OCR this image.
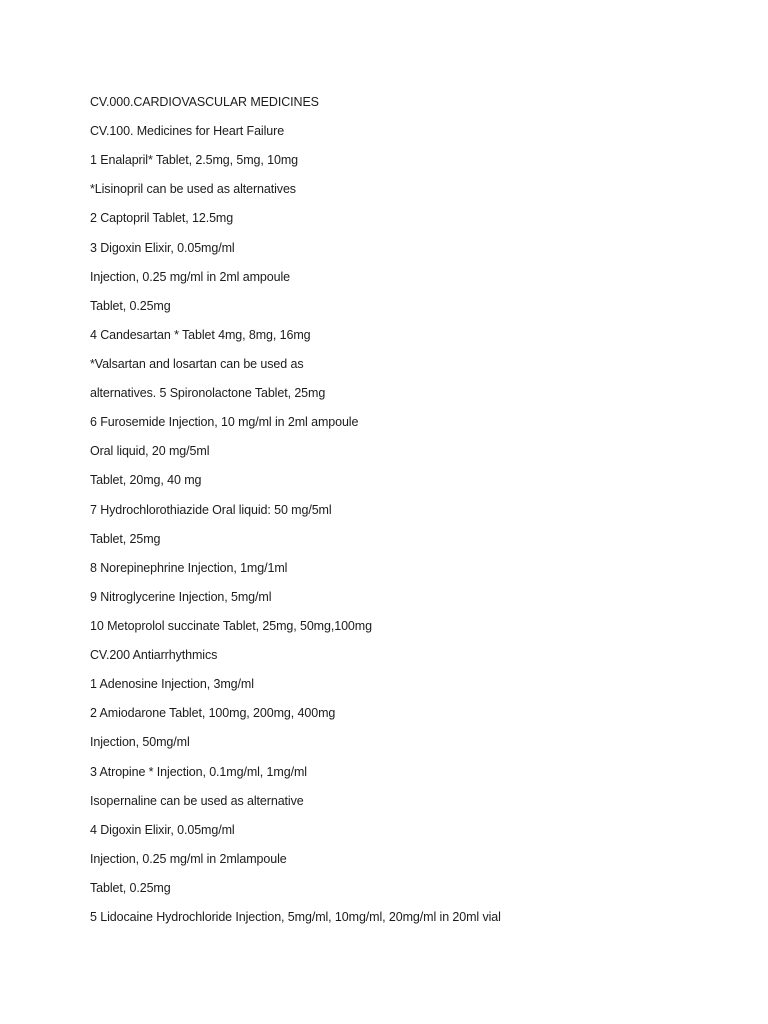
CV.000.CARDIOVASCULAR MEDICINES
CV.100. Medicines for Heart Failure
1 Enalapril* Tablet, 2.5mg, 5mg, 10mg
*Lisinopril can be used as alternatives
2 Captopril Tablet, 12.5mg
3 Digoxin Elixir, 0.05mg/ml
Injection, 0.25 mg/ml in 2ml ampoule
Tablet, 0.25mg
4 Candesartan * Tablet 4mg, 8mg, 16mg
*Valsartan and losartan can be used as
alternatives. 5 Spironolactone Tablet, 25mg
6 Furosemide Injection, 10 mg/ml in 2ml ampoule
Oral liquid, 20 mg/5ml
Tablet, 20mg, 40 mg
7 Hydrochlorothiazide Oral liquid: 50 mg/5ml
Tablet, 25mg
8 Norepinephrine Injection, 1mg/1ml
9 Nitroglycerine Injection, 5mg/ml
10 Metoprolol succinate Tablet, 25mg, 50mg,100mg
CV.200 Antiarrhythmics
1 Adenosine Injection, 3mg/ml
2 Amiodarone Tablet, 100mg, 200mg, 400mg
Injection, 50mg/ml
3 Atropine * Injection, 0.1mg/ml, 1mg/ml
Isopernaline can be used as alternative
4 Digoxin Elixir, 0.05mg/ml
Injection, 0.25 mg/ml in 2mlampoule
Tablet, 0.25mg
5 Lidocaine Hydrochloride Injection, 5mg/ml, 10mg/ml, 20mg/ml in 20ml vial
